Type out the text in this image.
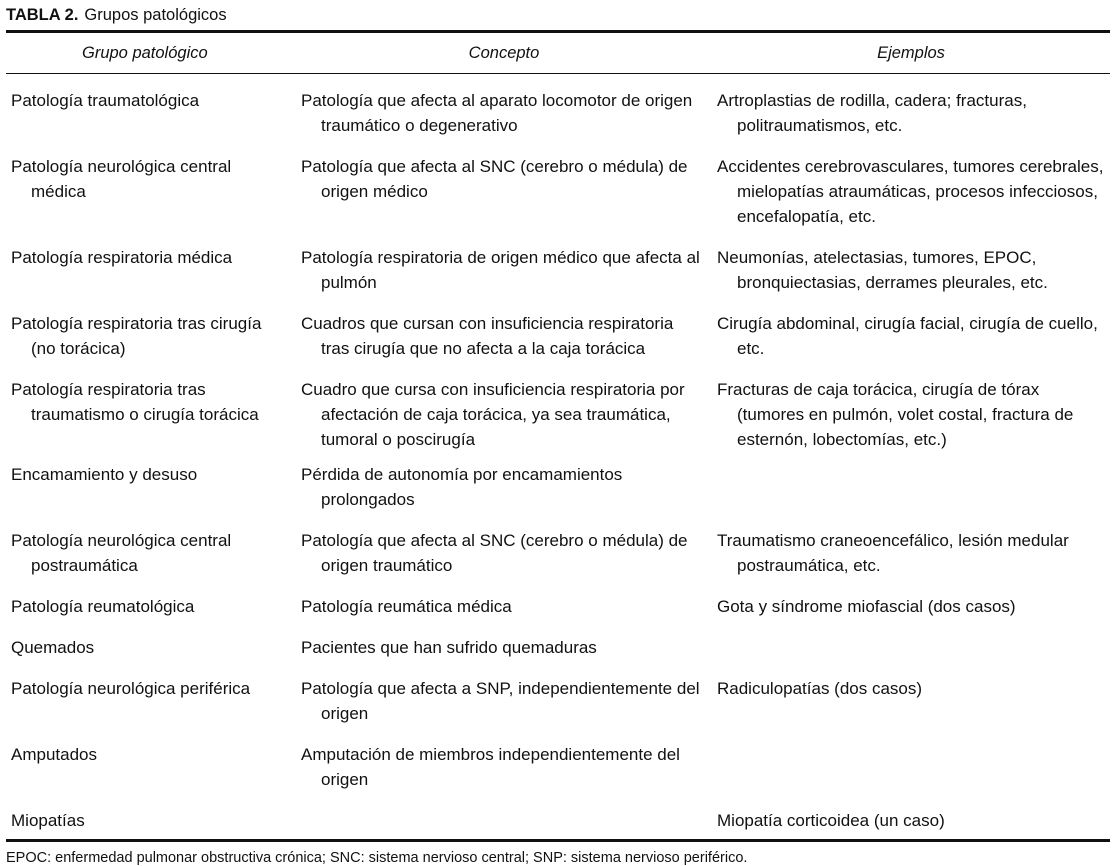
TABLA 2. Grupos patológicos
Grupo patológico	Concepto	Ejemplos

Patología traumatológica	Patología que afecta al aparato locomotor de origen traumático o degenerativo	Artroplastias de rodilla, cadera; fracturas, politraumatismos, etc.

Patología neurológica central médica	Patología que afecta al SNC (cerebro o médula) de origen médico	Accidentes cerebrovasculares, tumores cerebrales, mielopatías atraumáticas, procesos infecciosos, encefalopatía, etc.

Patología respiratoria médica	Patología respiratoria de origen médico que afecta al pulmón	Neumonías, atelectasias, tumores, EPOC, bronquiectasias, derrames pleurales, etc.

Patología respiratoria tras cirugía (no torácica)	Cuadros que cursan con insuficiencia respiratoria tras cirugía que no afecta a la caja torácica	Cirugía abdominal, cirugía facial, cirugía de cuello, etc.

Patología respiratoria tras traumatismo o cirugía torácica	Cuadro que cursa con insuficiencia respiratoria por afectación de caja torácica, ya sea traumática, tumoral o poscirugía	Fracturas de caja torácica, cirugía de tórax (tumores en pulmón, volet costal, fractura de esternón, lobectomías, etc.)

Encamamiento y desuso	Pérdida de autonomía por encamamientos prolongados	

Patología neurológica central postraumática	Patología que afecta al SNC (cerebro o médula) de origen traumático	Traumatismo craneoencefálico, lesión medular postraumática, etc.

Patología reumatológica	Patología reumática médica	Gota y síndrome miofascial (dos casos)

Quemados	Pacientes que han sufrido quemaduras	

Patología neurológica periférica	Patología que afecta a SNP, independientemente del origen	Radiculopatías (dos casos)

Amputados	Amputación de miembros independientemente del origen	

Miopatías		Miopatía corticoidea (un caso)
EPOC: enfermedad pulmonar obstructiva crónica; SNC: sistema nervioso central; SNP: sistema nervioso periférico.
